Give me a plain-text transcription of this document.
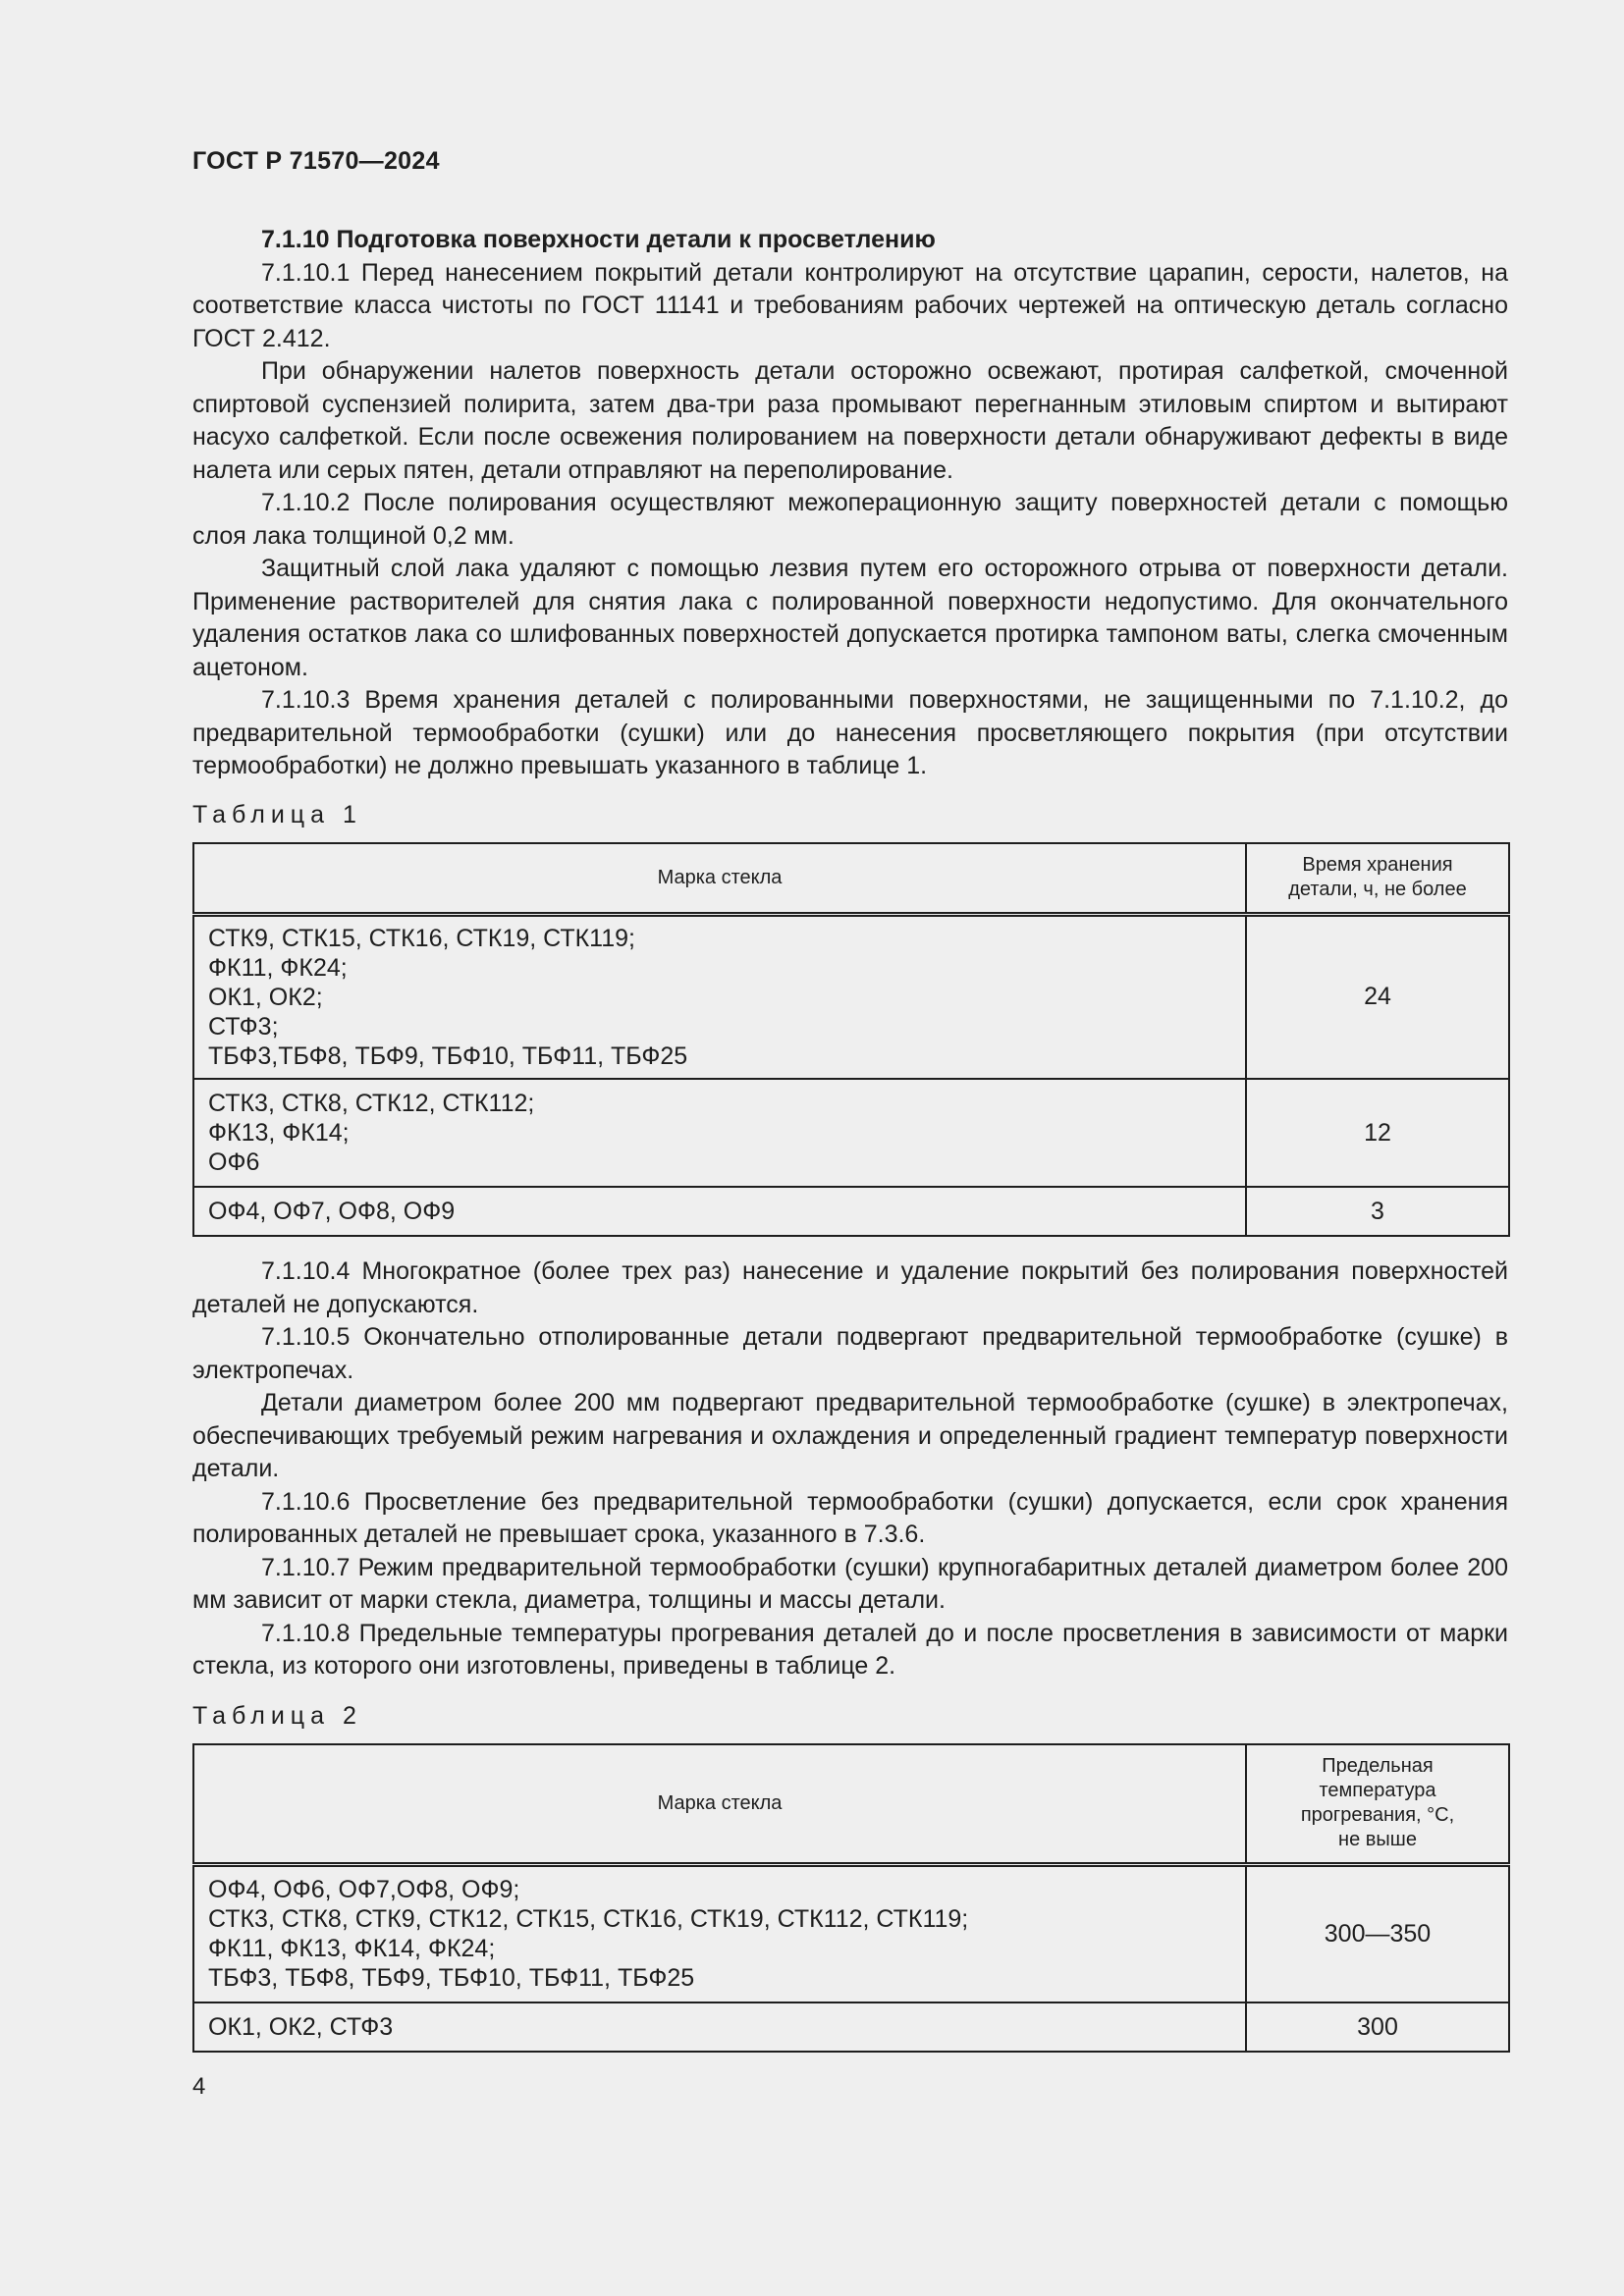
ГОСТ Р 71570—2024

7.1.10 Подготовка поверхности детали к просветлению

7.1.10.1 Перед нанесением покрытий детали контролируют на отсутствие царапин, серости, налетов, на соответствие класса чистоты по ГОСТ 11141 и требованиям рабочих чертежей на оптическую деталь согласно ГОСТ 2.412.

При обнаружении налетов поверхность детали осторожно освежают, протирая салфеткой, смоченной спиртовой суспензией полирита, затем два-три раза промывают перегнанным этиловым спиртом и вытирают насухо салфеткой. Если после освежения полированием на поверхности детали обнаруживают дефекты в виде налета или серых пятен, детали отправляют на переполирование.

7.1.10.2 После полирования осуществляют межоперационную защиту поверхностей детали с помощью слоя лака толщиной 0,2 мм.

Защитный слой лака удаляют с помощью лезвия путем его осторожного отрыва от поверхности детали. Применение растворителей для снятия лака с полированной поверхности недопустимо. Для окончательного удаления остатков лака со шлифованных поверхностей допускается протирка тампоном ваты, слегка смоченным ацетоном.

7.1.10.3 Время хранения деталей с полированными поверхностями, не защищенными по 7.1.10.2, до предварительной термообработки (сушки) или до нанесения просветляющего покрытия (при отсутствии термообработки) не должно превышать указанного в таблице 1.

Таблица 1
Марка стекла	Время хранения
детали, ч, не более

СТК9, СТК15, СТК16, СТК19, СТК119;
ФК11, ФК24;
ОК1, ОК2;
СТФ3;
ТБФ3,ТБФ8, ТБФ9, ТБФ10, ТБФ11, ТБФ25	24

СТК3, СТК8, СТК12, СТК112;
ФК13, ФК14;
ОФ6	12

ОФ4, ОФ7, ОФ8, ОФ9	3

7.1.10.4 Многократное (более трех раз) нанесение и удаление покрытий без полирования поверхностей деталей не допускаются.

7.1.10.5 Окончательно отполированные детали подвергают предварительной термообработке (сушке) в электропечах.

Детали диаметром более 200 мм подвергают предварительной термообработке (сушке) в электропечах, обеспечивающих требуемый режим нагревания и охлаждения и определенный градиент температур поверхности детали.

7.1.10.6 Просветление без предварительной термообработки (сушки) допускается, если срок хранения полированных деталей не превышает срока, указанного в 7.3.6.

7.1.10.7 Режим предварительной термообработки (сушки) крупногабаритных деталей диаметром более 200 мм зависит от марки стекла, диаметра, толщины и массы детали.

7.1.10.8 Предельные температуры прогревания деталей до и после просветления в зависимости от марки стекла, из которого они изготовлены, приведены в таблице 2.

Таблица 2
Марка стекла	Предельная
температура
прогревания, °С,
не выше

ОФ4, ОФ6, ОФ7,ОФ8, ОФ9;
СТК3, СТК8, СТК9, СТК12, СТК15, СТК16, СТК19, СТК112, СТК119;
ФК11, ФК13, ФК14, ФК24;
ТБФ3, ТБФ8, ТБФ9, ТБФ10, ТБФ11, ТБФ25	300—350

ОК1, ОК2, СТФ3	300
4
